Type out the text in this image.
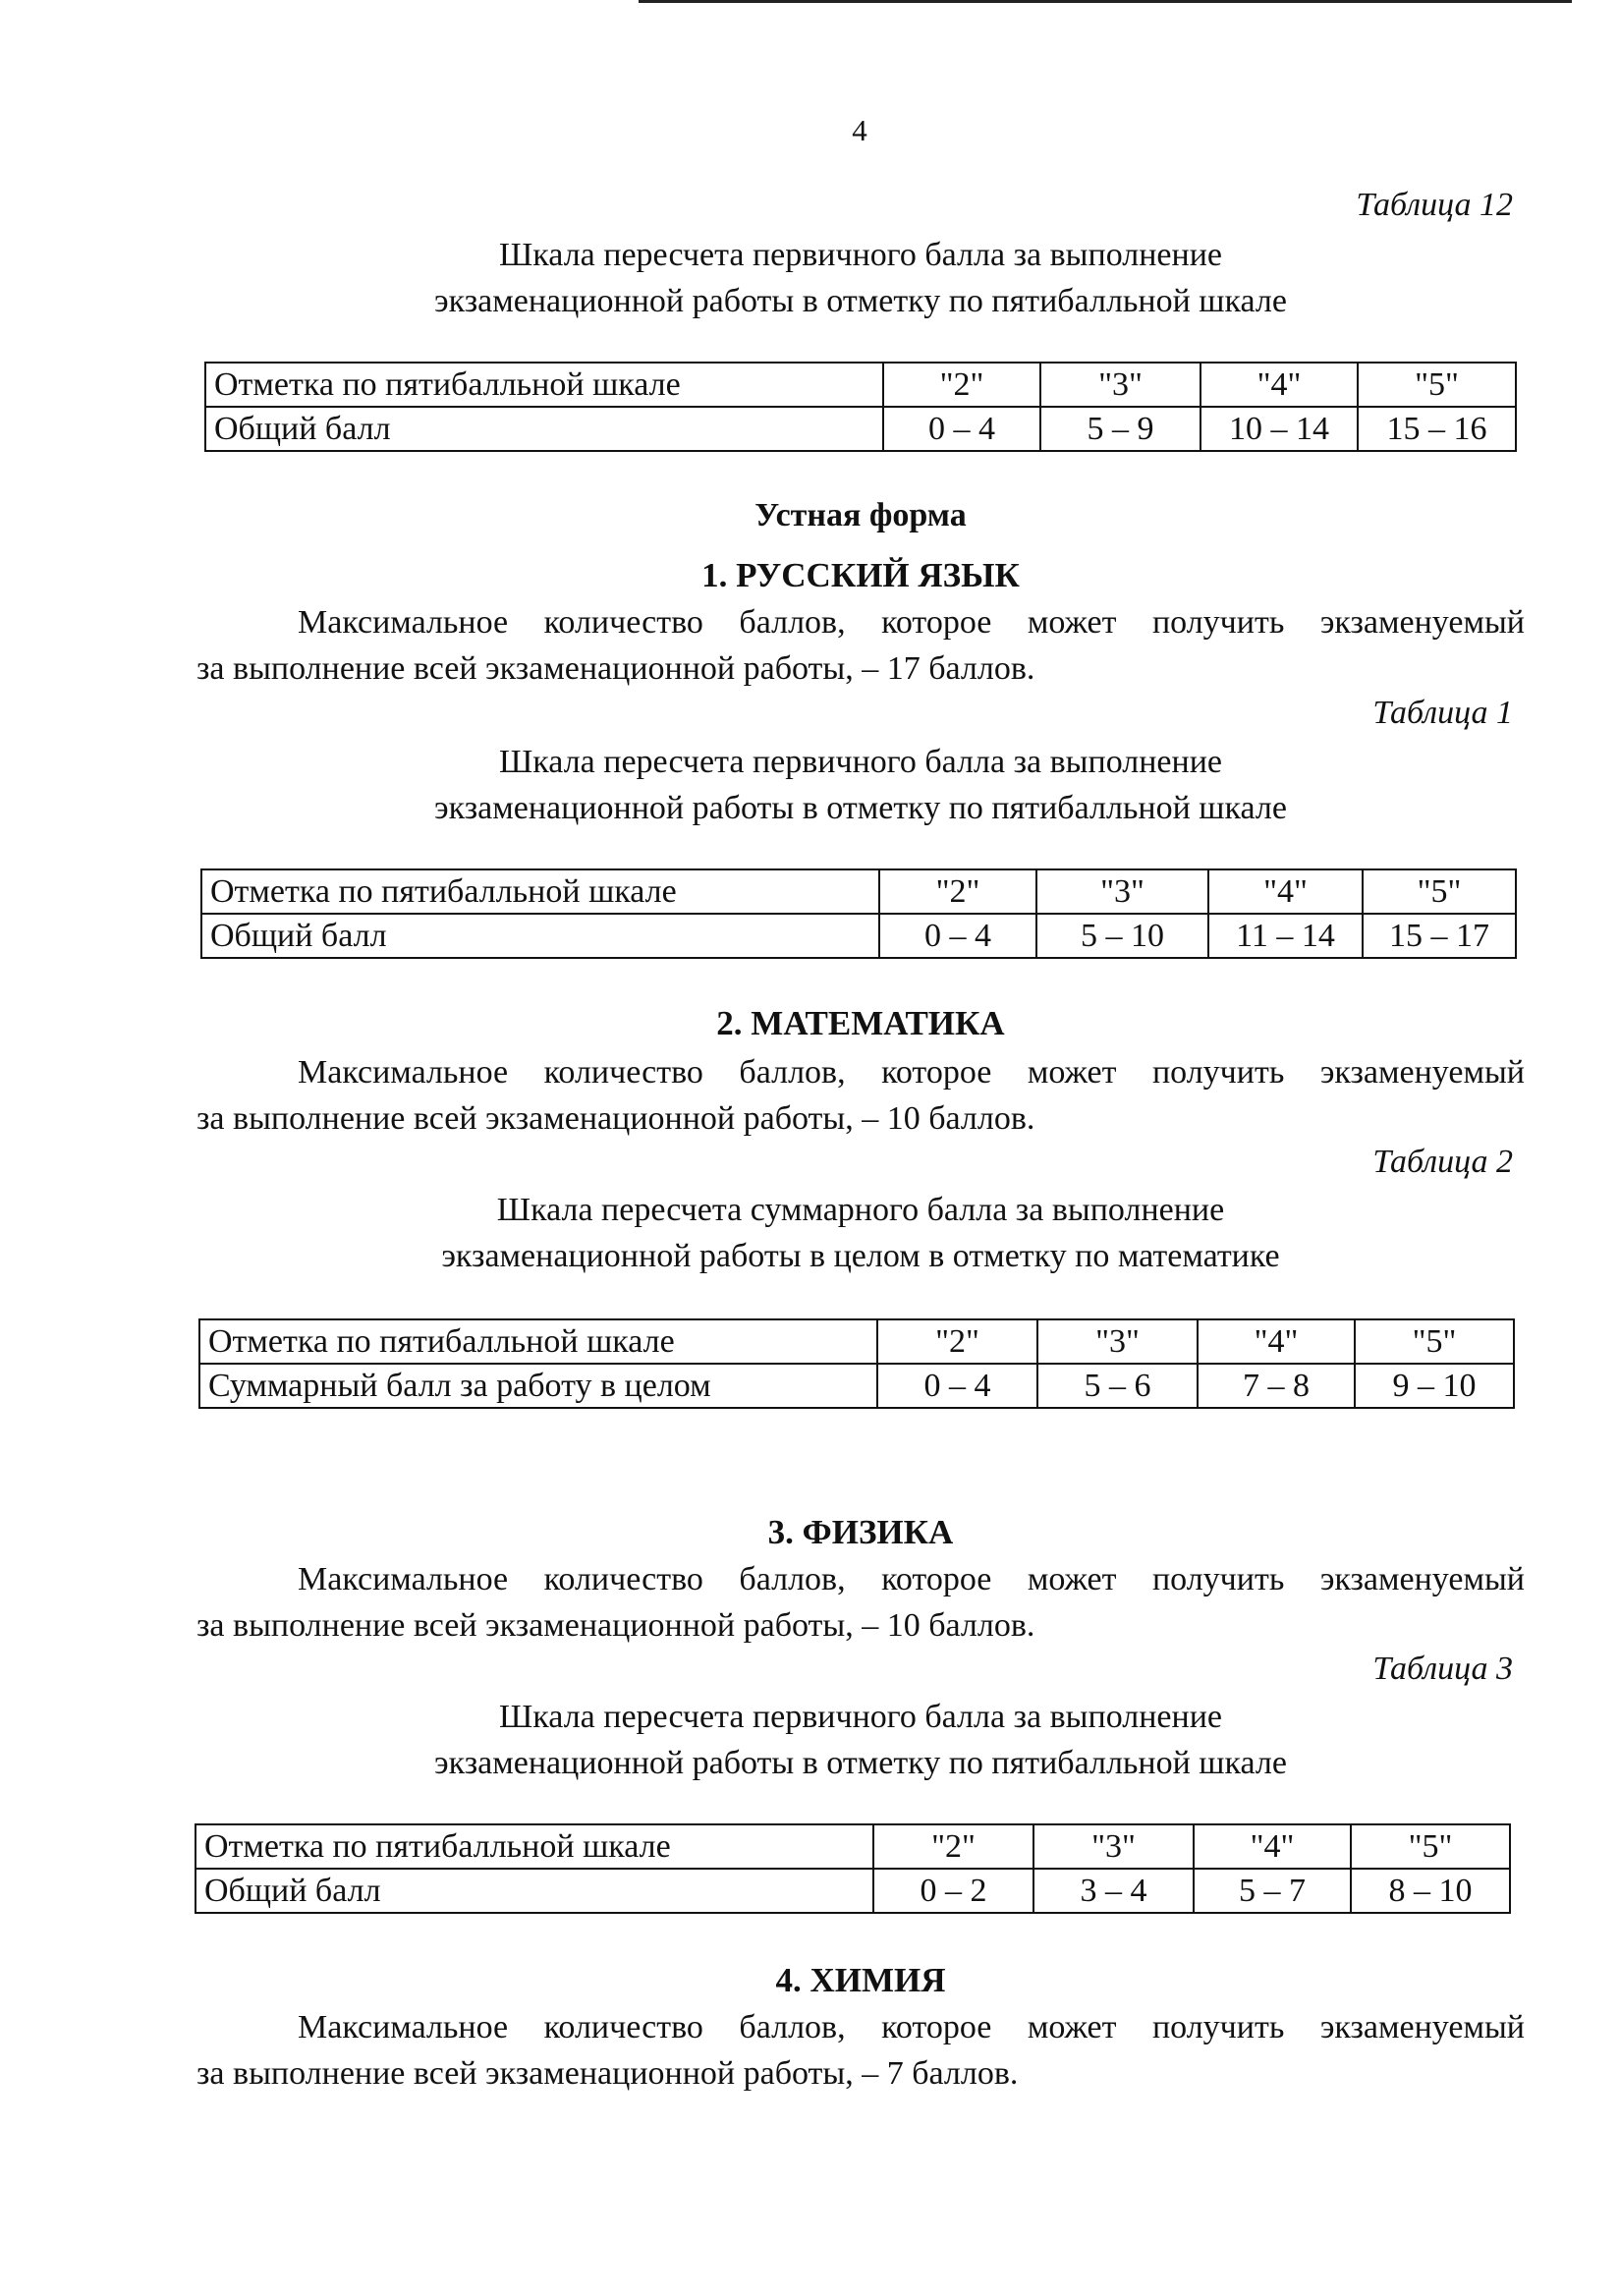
4
Таблица 12
Шкала пересчета первичного балла за выполнение
экзаменационной работы в отметку по пятибалльной шкале
Отметка по пятибалльной шкале	"2"	"3"	"4"	"5"
Общий балл	0 – 4	5 – 9	10 – 14	15 – 16
Устная форма
1. РУССКИЙ ЯЗЫК

Максимальное количество баллов, которое может получить экзаменуемый
за выполнение всей экзаменационной работы, – 17 баллов.

Таблица 1
Шкала пересчета первичного балла за выполнение
экзаменационной работы в отметку по пятибалльной шкале
Отметка по пятибалльной шкале	"2"	"3"	"4"	"5"
Общий балл	0 – 4	5 – 10	11 – 14	15 – 17
2. МАТЕМАТИКА

Максимальное количество баллов, которое может получить экзаменуемый
за выполнение всей экзаменационной работы, – 10 баллов.

Таблица 2
Шкала пересчета суммарного балла за выполнение
экзаменационной работы в целом в отметку по математике
Отметка по пятибалльной шкале	"2"	"3"	"4"	"5"
Суммарный балл за работу в целом	0 – 4	5 – 6	7 – 8	9 – 10
3. ФИЗИКА

Максимальное количество баллов, которое может получить экзаменуемый
за выполнение всей экзаменационной работы, – 10 баллов.

Таблица 3
Шкала пересчета первичного балла за выполнение
экзаменационной работы в отметку по пятибалльной шкале
Отметка по пятибалльной шкале	"2"	"3"	"4"	"5"
Общий балл	0 – 2	3 – 4	5 – 7	8 – 10
4. ХИМИЯ

Максимальное количество баллов, которое может получить экзаменуемый
за выполнение всей экзаменационной работы, – 7 баллов.
